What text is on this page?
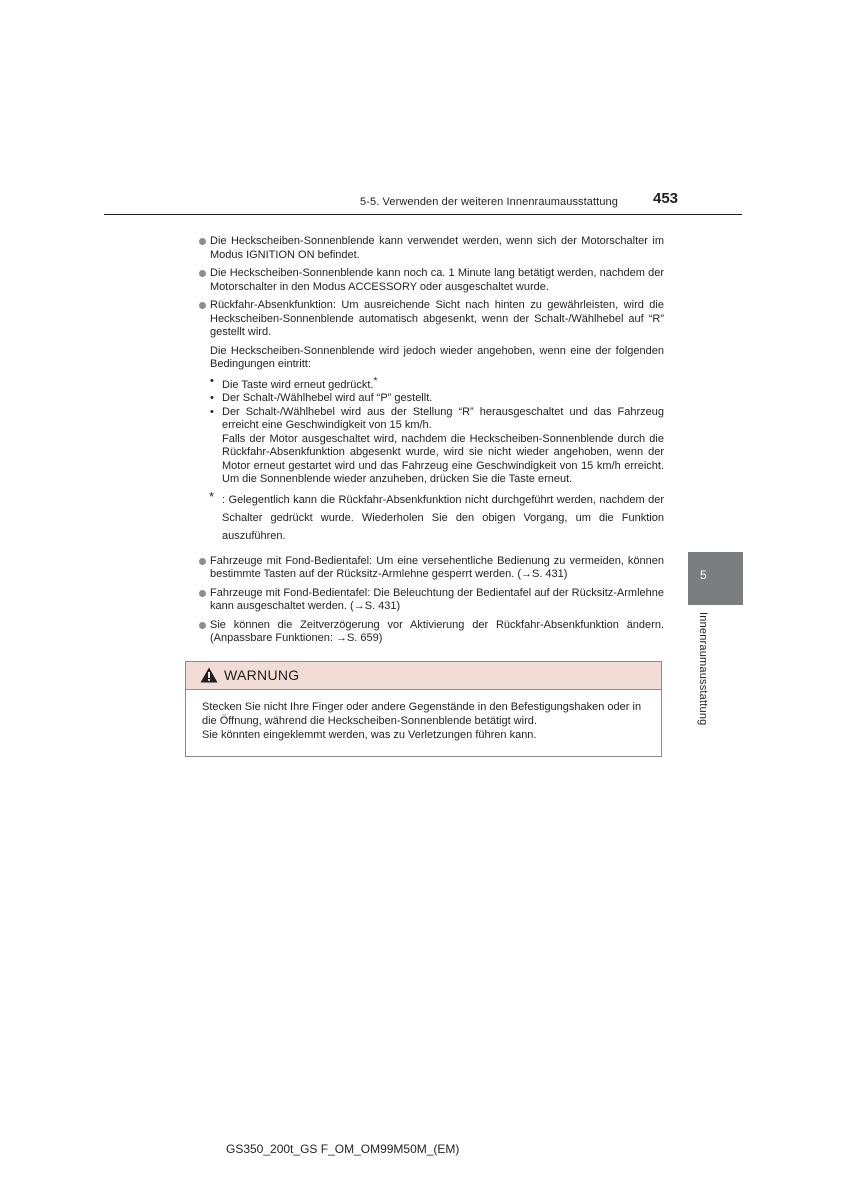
5-5. Verwenden der weiteren Innenraumausstattung 453
Die Heckscheiben-Sonnenblende kann verwendet werden, wenn sich der Motorschalter im Modus IGNITION ON befindet.
Die Heckscheiben-Sonnenblende kann noch ca. 1 Minute lang betätigt werden, nachdem der Motorschalter in den Modus ACCESSORY oder ausgeschaltet wurde.
Rückfahr-Absenkfunktion: Um ausreichende Sicht nach hinten zu gewährleisten, wird die Heckscheiben-Sonnenblende automatisch abgesenkt, wenn der Schalt-/Wählhebel auf “R” gestellt wird.
Die Heckscheiben-Sonnenblende wird jedoch wieder angehoben, wenn eine der folgenden Bedingungen eintritt:
• Die Taste wird erneut gedrückt.*
• Der Schalt-/Wählhebel wird auf “P” gestellt.
• Der Schalt-/Wählhebel wird aus der Stellung “R” herausgeschaltet und das Fahrzeug erreicht eine Geschwindigkeit von 15 km/h.
Falls der Motor ausgeschaltet wird, nachdem die Heckscheiben-Sonnenblende durch die Rückfahr-Absenkfunktion abgesenkt wurde, wird sie nicht wieder angehoben, wenn der Motor erneut gestartet wird und das Fahrzeug eine Geschwindigkeit von 15 km/h erreicht. Um die Sonnenblende wieder anzuheben, drücken Sie die Taste erneut.
* : Gelegentlich kann die Rückfahr-Absenkfunktion nicht durchgeführt werden, nachdem der Schalter gedrückt wurde. Wiederholen Sie den obigen Vorgang, um die Funktion auszuführen.
Fahrzeuge mit Fond-Bedientafel: Um eine versehentliche Bedienung zu vermeiden, können bestimmte Tasten auf der Rücksitz-Armlehne gesperrt werden. (→S. 431)
Fahrzeuge mit Fond-Bedientafel: Die Beleuchtung der Bedientafel auf der Rücksitz-Armlehne kann ausgeschaltet werden. (→S. 431)
Sie können die Zeitverzögerung vor Aktivierung der Rückfahr-Absenkfunktion ändern. (Anpassbare Funktionen: →S. 659)
WARNUNG
Stecken Sie nicht Ihre Finger oder andere Gegenstände in den Befestigungshaken oder in die Öffnung, während die Heckscheiben-Sonnenblende betätigt wird.
Sie könnten eingeklemmt werden, was zu Verletzungen führen kann.
5
Innenraumausstattung
GS350_200t_GS F_OM_OM99M50M_(EM)
